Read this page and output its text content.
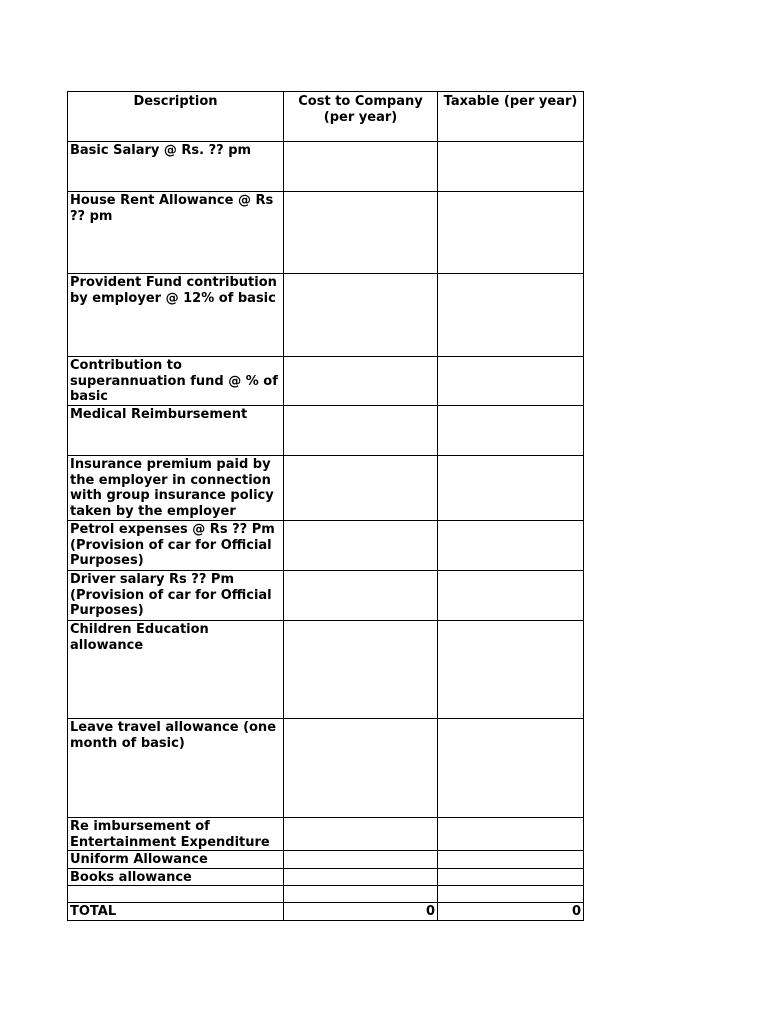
Description	Cost to Company (per year)	Taxable (per year)
Basic Salary @ Rs. ?? pm		
House Rent Allowance @ Rs ?? pm		
Provident Fund contribution by employer @ 12% of basic		
Contribution to superannuation fund @ % of basic		
Medical Reimbursement		
Insurance premium paid by the employer in connection with group insurance policy taken by the employer		
Petrol expenses @ Rs ?? Pm (Provision of car for Official Purposes)		
Driver salary Rs ?? Pm (Provision of car for Official Purposes)		
Children Education allowance		
Leave travel allowance (one month of basic)		
Re imbursement of Entertainment Expenditure		
Uniform Allowance		
Books allowance		

TOTAL	0	0
